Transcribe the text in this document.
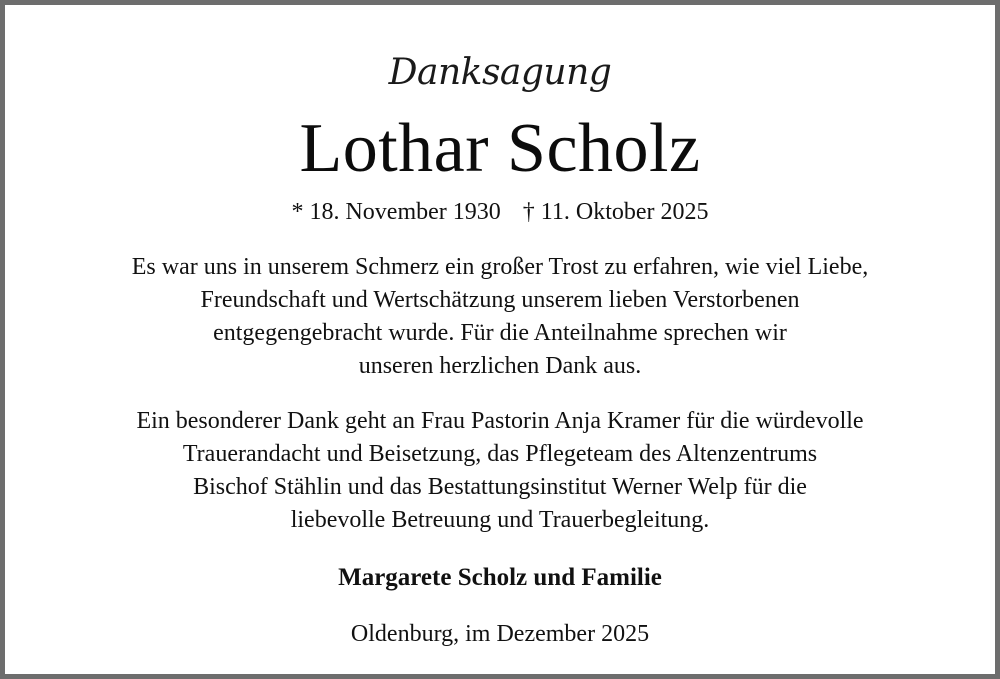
Danksagung
Lothar Scholz
* 18. November 1930 † 11. Oktober 2025
Es war uns in unserem Schmerz ein großer Trost zu erfahren, wie viel Liebe,
Freundschaft und Wertschätzung unserem lieben Verstorbenen
entgegengebracht wurde. Für die Anteilnahme sprechen wir
unseren herzlichen Dank aus.
Ein besonderer Dank geht an Frau Pastorin Anja Kramer für die würdevolle
Trauerandacht und Beisetzung, das Pflegeteam des Altenzentrums
Bischof Stählin und das Bestattungsinstitut Werner Welp für die
liebevolle Betreuung und Trauerbegleitung.
Margarete Scholz und Familie
Oldenburg, im Dezember 2025
